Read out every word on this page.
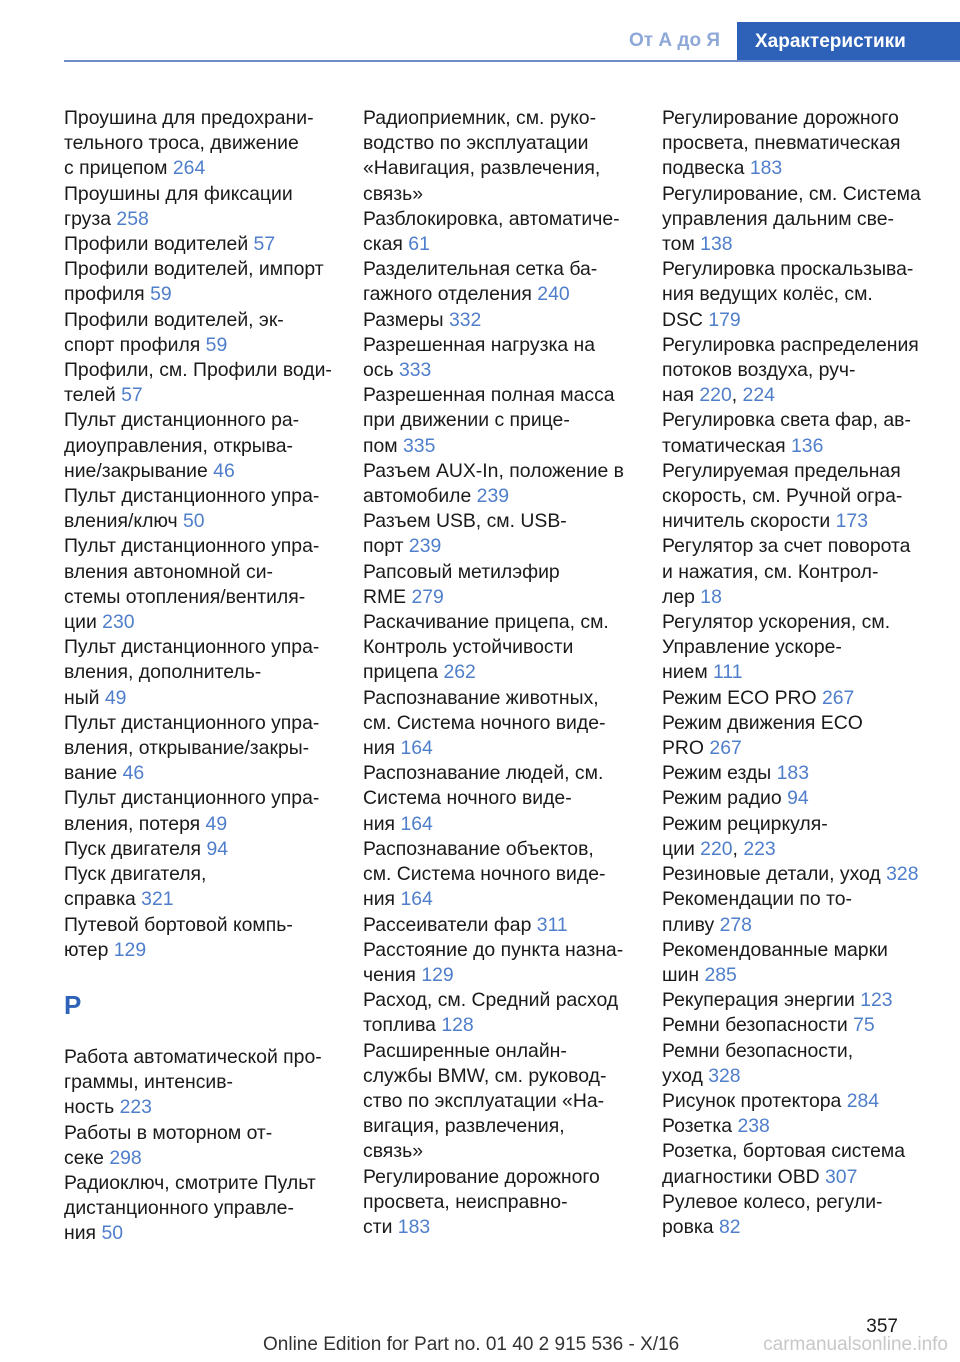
От А до Я	Характеристики
Проушина для предохрани‐
тельного троса, движение
с прицепом 264
Проушины для фиксации
груза 258
Профили водителей 57
Профили водителей, импорт
профиля 59
Профили водителей, эк‐
спорт профиля 59
Профили, см. Профили води‐
телей 57
Пульт дистанционного ра‐
диоуправления, открыва‐
ние/закрывание 46
Пульт дистанционного упра‐
вления/ключ 50
Пульт дистанционного упра‐
вления автономной си‐
стемы отопления/вентиля‐
ции 230
Пульт дистанционного упра‐
вления, дополнитель‐
ный 49
Пульт дистанционного упра‐
вления, открывание/закры‐
вание 46
Пульт дистанционного упра‐
вления, потеря 49
Пуск двигателя 94
Пуск двигателя,
справка 321
Путевой бортовой компь‐
ютер 129
Р
Работа автоматической про‐
граммы, интенсив‐
ность 223
Работы в моторном от‐
секе 298
Радиоключ, смотрите Пульт
дистанционного управле‐
ния 50
Радиоприемник, см. руко‐
водство по эксплуатации
«Навигация, развлечения,
связь»
Разблокировка, автоматиче‐
ская 61
Разделительная сетка ба‐
гажного отделения 240
Размеры 332
Разрешенная нагрузка на
ось 333
Разрешенная полная масса
при движении с прице‐
пом 335
Разъем AUX-In, положение в
автомобиле 239
Разъем USB, см. USB-
порт 239
Рапсовый метилэфир
RME 279
Раскачивание прицепа, см.
Контроль устойчивости
прицепа 262
Распознавание животных,
см. Система ночного виде‐
ния 164
Распознавание людей, см.
Система ночного виде‐
ния 164
Распознавание объектов,
см. Система ночного виде‐
ния 164
Рассеиватели фар 311
Расстояние до пункта назна‐
чения 129
Расход, см. Средний расход
топлива 128
Расширенные онлайн-
службы BMW, см. руковод‐
ство по эксплуатации «На‐
вигация, развлечения,
связь»
Регулирование дорожного
просвета, неисправно‐
сти 183
Регулирование дорожного
просвета, пневматическая
подвеска 183
Регулирование, см. Система
управления дальним све‐
том 138
Регулировка проскальзыва‐
ния ведущих колёс, см.
DSC 179
Регулировка распределения
потоков воздуха, руч‐
ная 220, 224
Регулировка света фар, ав‐
томатическая 136
Регулируемая предельная
скорость, см. Ручной огра‐
ничитель скорости 173
Регулятор за счет поворота
и нажатия, см. Контрол‐
лер 18
Регулятор ускорения, см.
Управление ускоре‐
нием 111
Режим ECO PRO 267
Режим движения ECO
PRO 267
Режим езды 183
Режим радио 94
Режим рециркуля‐
ции 220, 223
Резиновые детали, уход 328
Рекомендации по то‐
пливу 278
Рекомендованные марки
шин 285
Рекуперация энергии 123
Ремни безопасности 75
Ремни безопасности,
уход 328
Рисунок протектора 284
Розетка 238
Розетка, бортовая система
диагностики OBD 307
Рулевое колесо, регули‐
ровка 82
357
Online Edition for Part no. 01 40 2 915 536 - X/16	carmanualsonline.info
